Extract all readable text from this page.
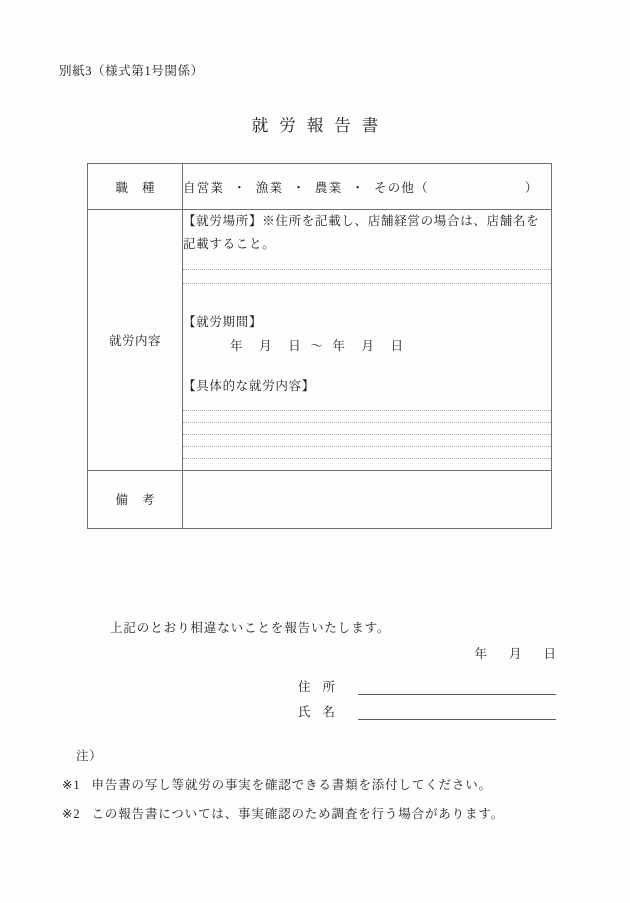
別紙3（様式第1号関係）
就労報告書
職種	自営業 ・ 漁業 ・ 農業 ・ その他（ ）
就労内容	【就労場所】※住所を記載し、店舗経営の場合は、店舗名を記載すること。
【就労期間】
年 月 日 ～ 年 月 日
【具体的な就労内容】

備考	
上記のとおり相違ないことを報告いたします。
年 月 日
住所
氏名
注）
※1 申告書の写し等就労の事実を確認できる書類を添付してください。
※2 この報告書については、事実確認のため調査を行う場合があります。
